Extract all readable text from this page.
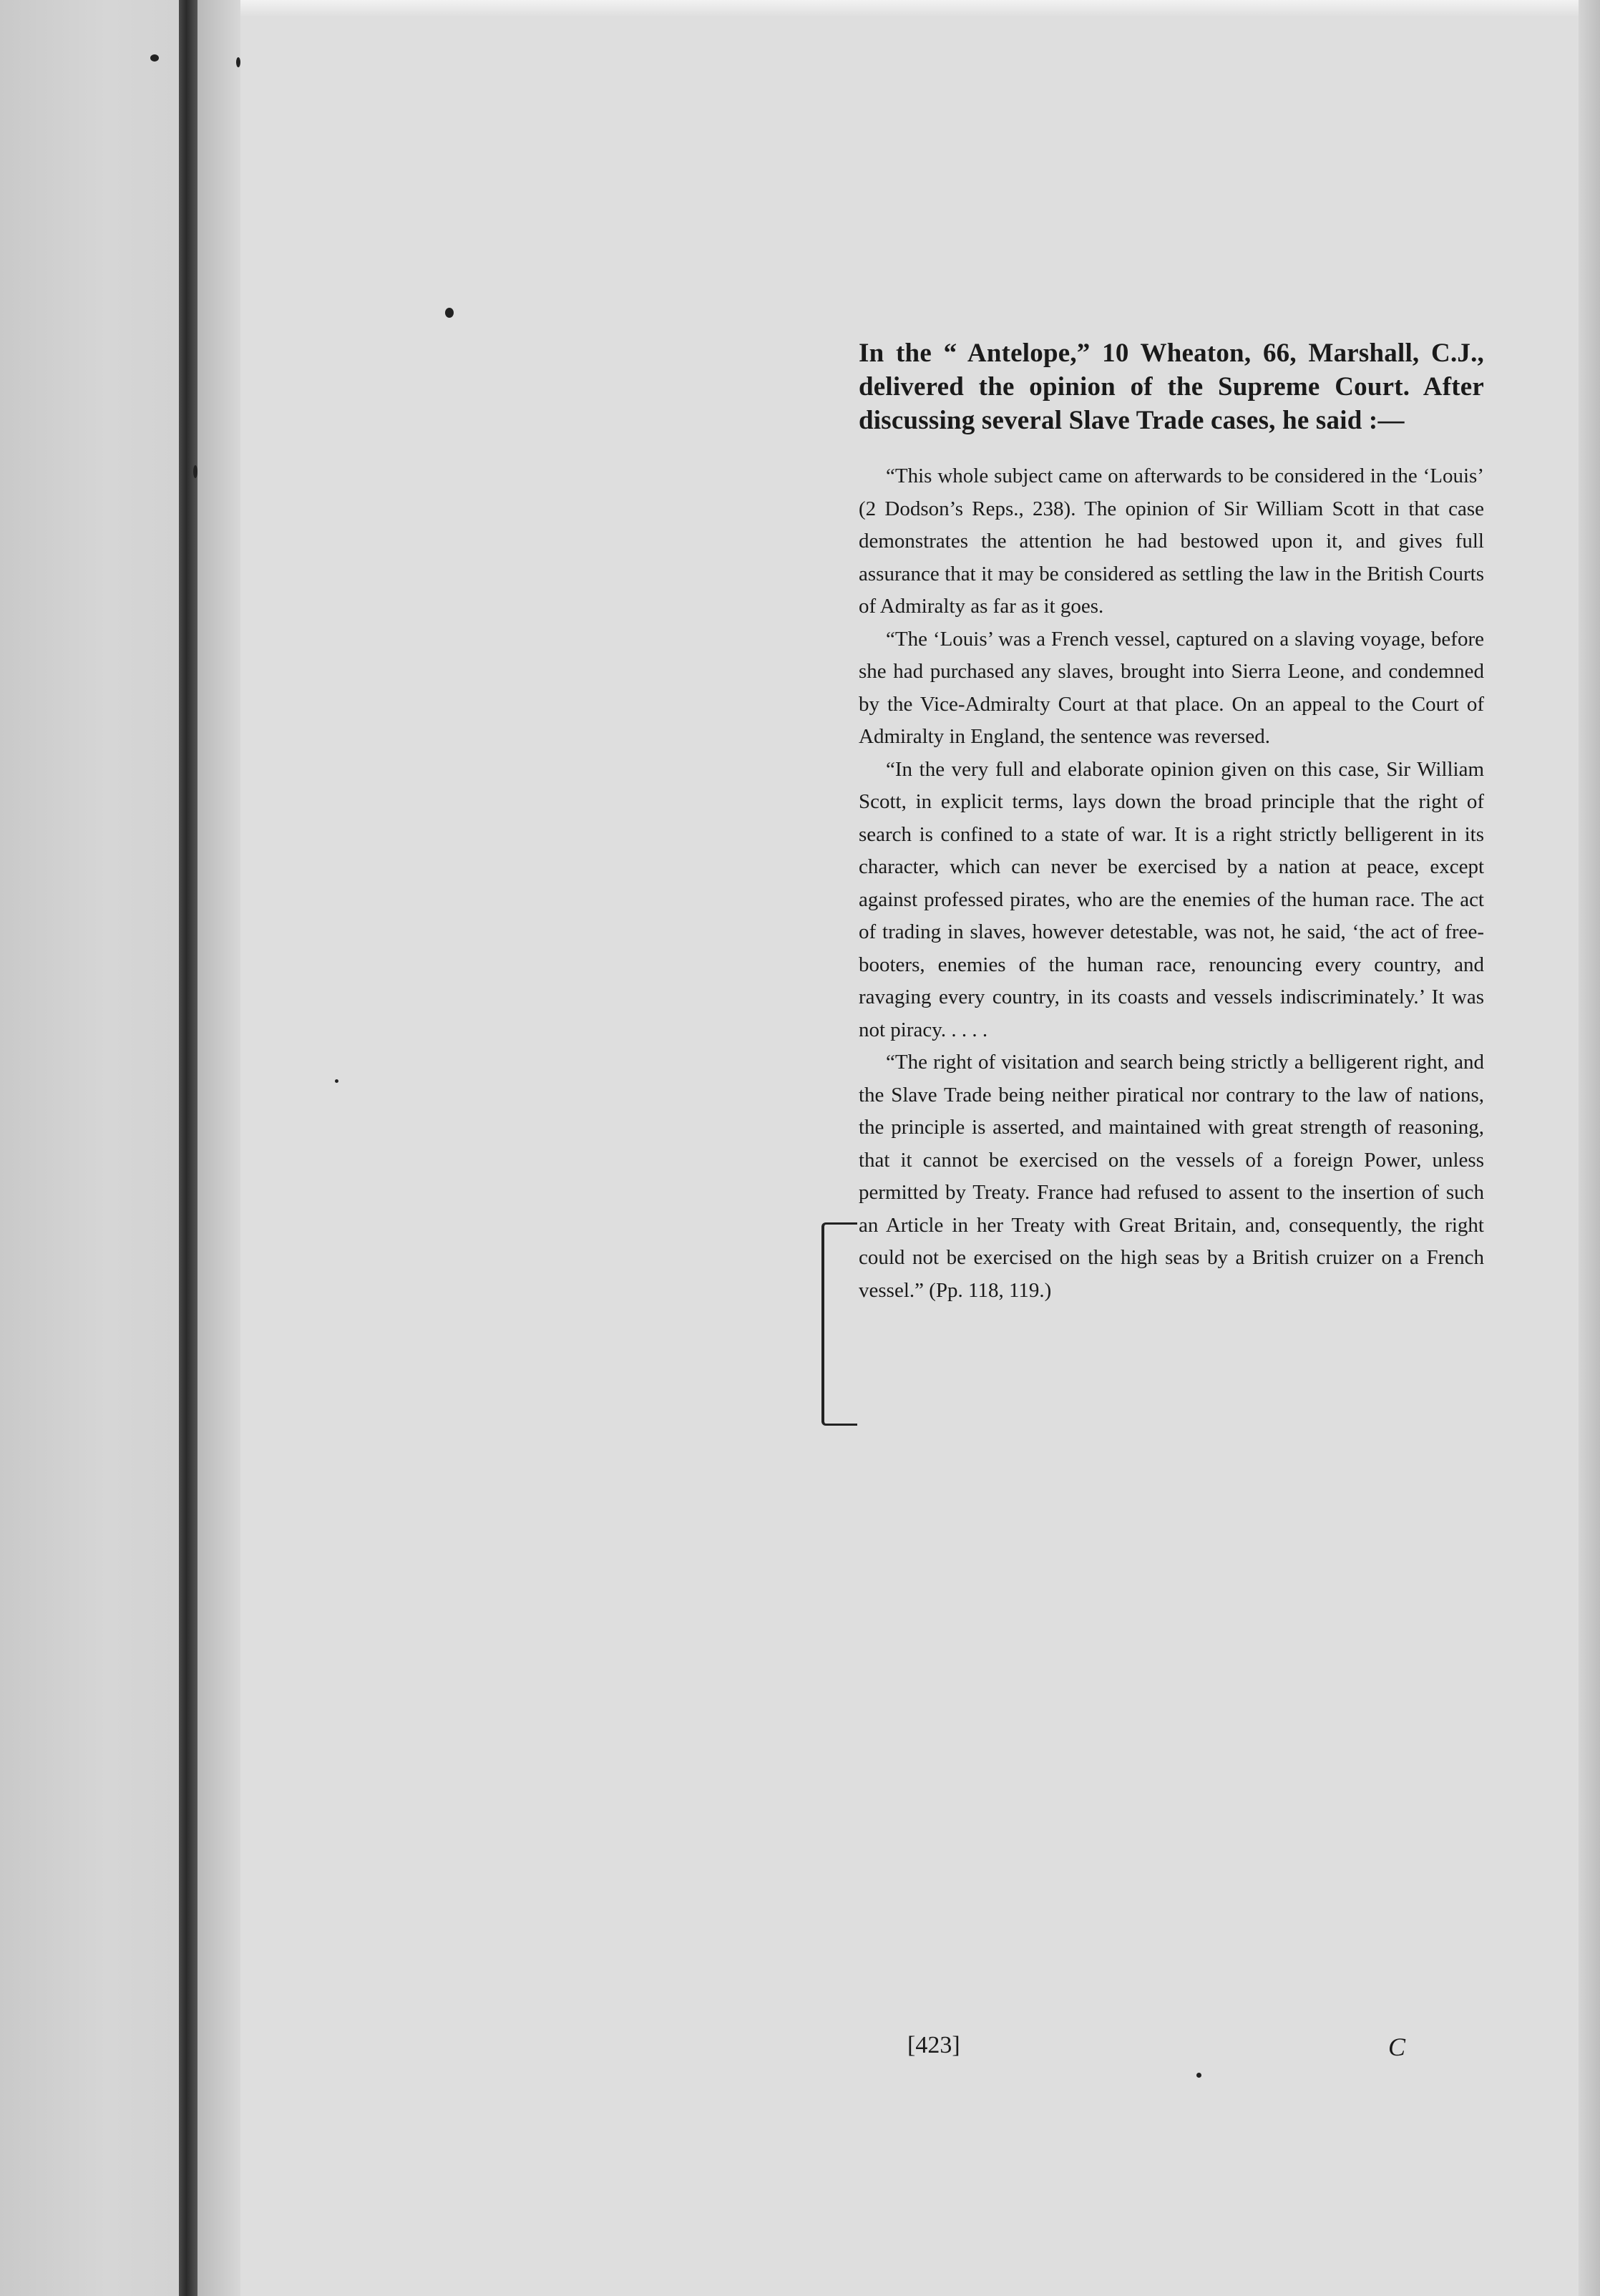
In the “ Antelope,” 10 Wheaton, 66, Marshall, C.J., delivered the opinion of the Supreme Court. After discussing several Slave Trade cases, he said :—

“This whole subject came on afterwards to be considered in the ‘Louis’ (2 Dodson’s Reps., 238). The opinion of Sir William Scott in that case demonstrates the attention he had bestowed upon it, and gives full assurance that it may be considered as settling the law in the British Courts of Admiralty as far as it goes.

“The ‘Louis’ was a French vessel, captured on a slaving voyage, before she had purchased any slaves, brought into Sierra Leone, and condemned by the Vice-Admiralty Court at that place. On an appeal to the Court of Admiralty in England, the sentence was reversed.

“In the very full and elaborate opinion given on this case, Sir William Scott, in explicit terms, lays down the broad principle that the right of search is confined to a state of war. It is a right strictly belligerent in its character, which can never be exercised by a nation at peace, except against professed pirates, who are the enemies of the human race. The act of trading in slaves, however detestable, was not, he said, ‘the act of free-booters, enemies of the human race, renouncing every country, and ravaging every country, in its coasts and vessels indiscriminately.’ It was not piracy. . . . .

“The right of visitation and search being strictly a belligerent right, and the Slave Trade being neither piratical nor contrary to the law of nations, the principle is asserted, and maintained with great strength of reasoning, that it cannot be exercised on the vessels of a foreign Power, unless permitted by Treaty. France had refused to assent to the insertion of such an Article in her Treaty with Great Britain, and, consequently, the right could not be exercised on the high seas by a British cruizer on a French vessel.” (Pp. 118, 119.)

[423]	C
